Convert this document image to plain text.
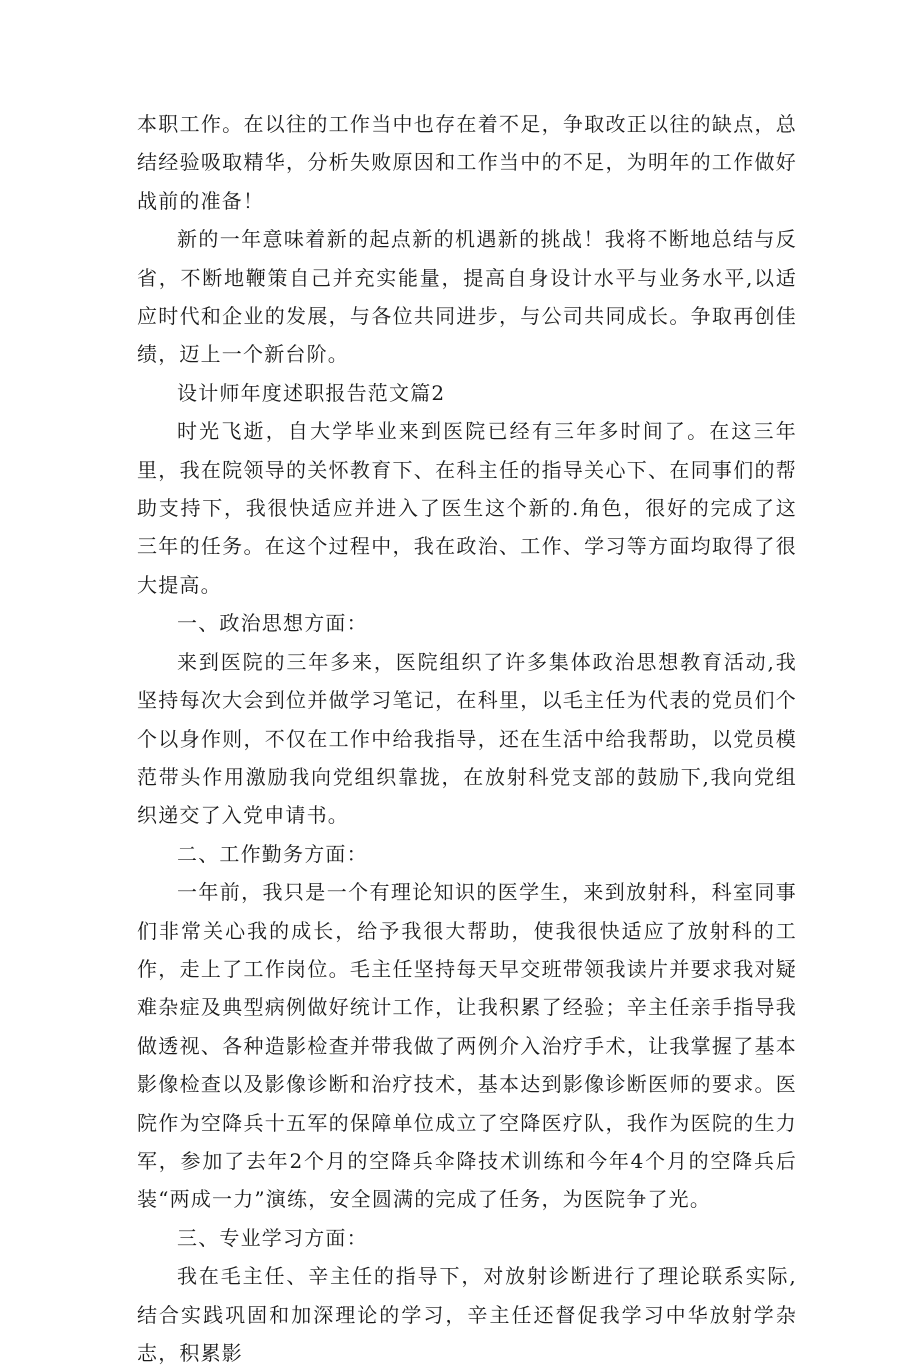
本职工作。在以往的工作当中也存在着不足，争取改正以往的缺点，总结经验吸取精华，分析失败原因和工作当中的不足，为明年的工作做好战前的准备！

新的一年意味着新的起点新的机遇新的挑战！我将不断地总结与反省，不断地鞭策自己并充实能量，提高自身设计水平与业务水平,以适应时代和企业的发展，与各位共同进步，与公司共同成长。争取再创佳绩，迈上一个新台阶。

设计师年度述职报告范文篇2

时光飞逝，自大学毕业来到医院已经有三年多时间了。在这三年里，我在院领导的关怀教育下、在科主任的指导关心下、在同事们的帮助支持下，我很快适应并进入了医生这个新的.角色，很好的完成了这三年的任务。在这个过程中，我在政治、工作、学习等方面均取得了很大提高。

一、政治思想方面：

来到医院的三年多来，医院组织了许多集体政治思想教育活动,我坚持每次大会到位并做学习笔记，在科里，以毛主任为代表的党员们个个以身作则，不仅在工作中给我指导，还在生活中给我帮助，以党员模范带头作用激励我向党组织靠拢，在放射科党支部的鼓励下,我向党组织递交了入党申请书。

二、工作勤务方面：

一年前，我只是一个有理论知识的医学生，来到放射科，科室同事们非常关心我的成长，给予我很大帮助，使我很快适应了放射科的工作，走上了工作岗位。毛主任坚持每天早交班带领我读片并要求我对疑难杂症及典型病例做好统计工作，让我积累了经验；辛主任亲手指导我做透视、各种造影检查并带我做了两例介入治疗手术，让我掌握了基本影像检查以及影像诊断和治疗技术，基本达到影像诊断医师的要求。医院作为空降兵十五军的保障单位成立了空降医疗队，我作为医院的生力军，参加了去年2个月的空降兵伞降技术训练和今年4个月的空降兵后装“两成一力”演练，安全圆满的完成了任务，为医院争了光。

三、专业学习方面：

我在毛主任、辛主任的指导下，对放射诊断进行了理论联系实际,结合实践巩固和加深理论的学习，辛主任还督促我学习中华放射学杂志，积累影
